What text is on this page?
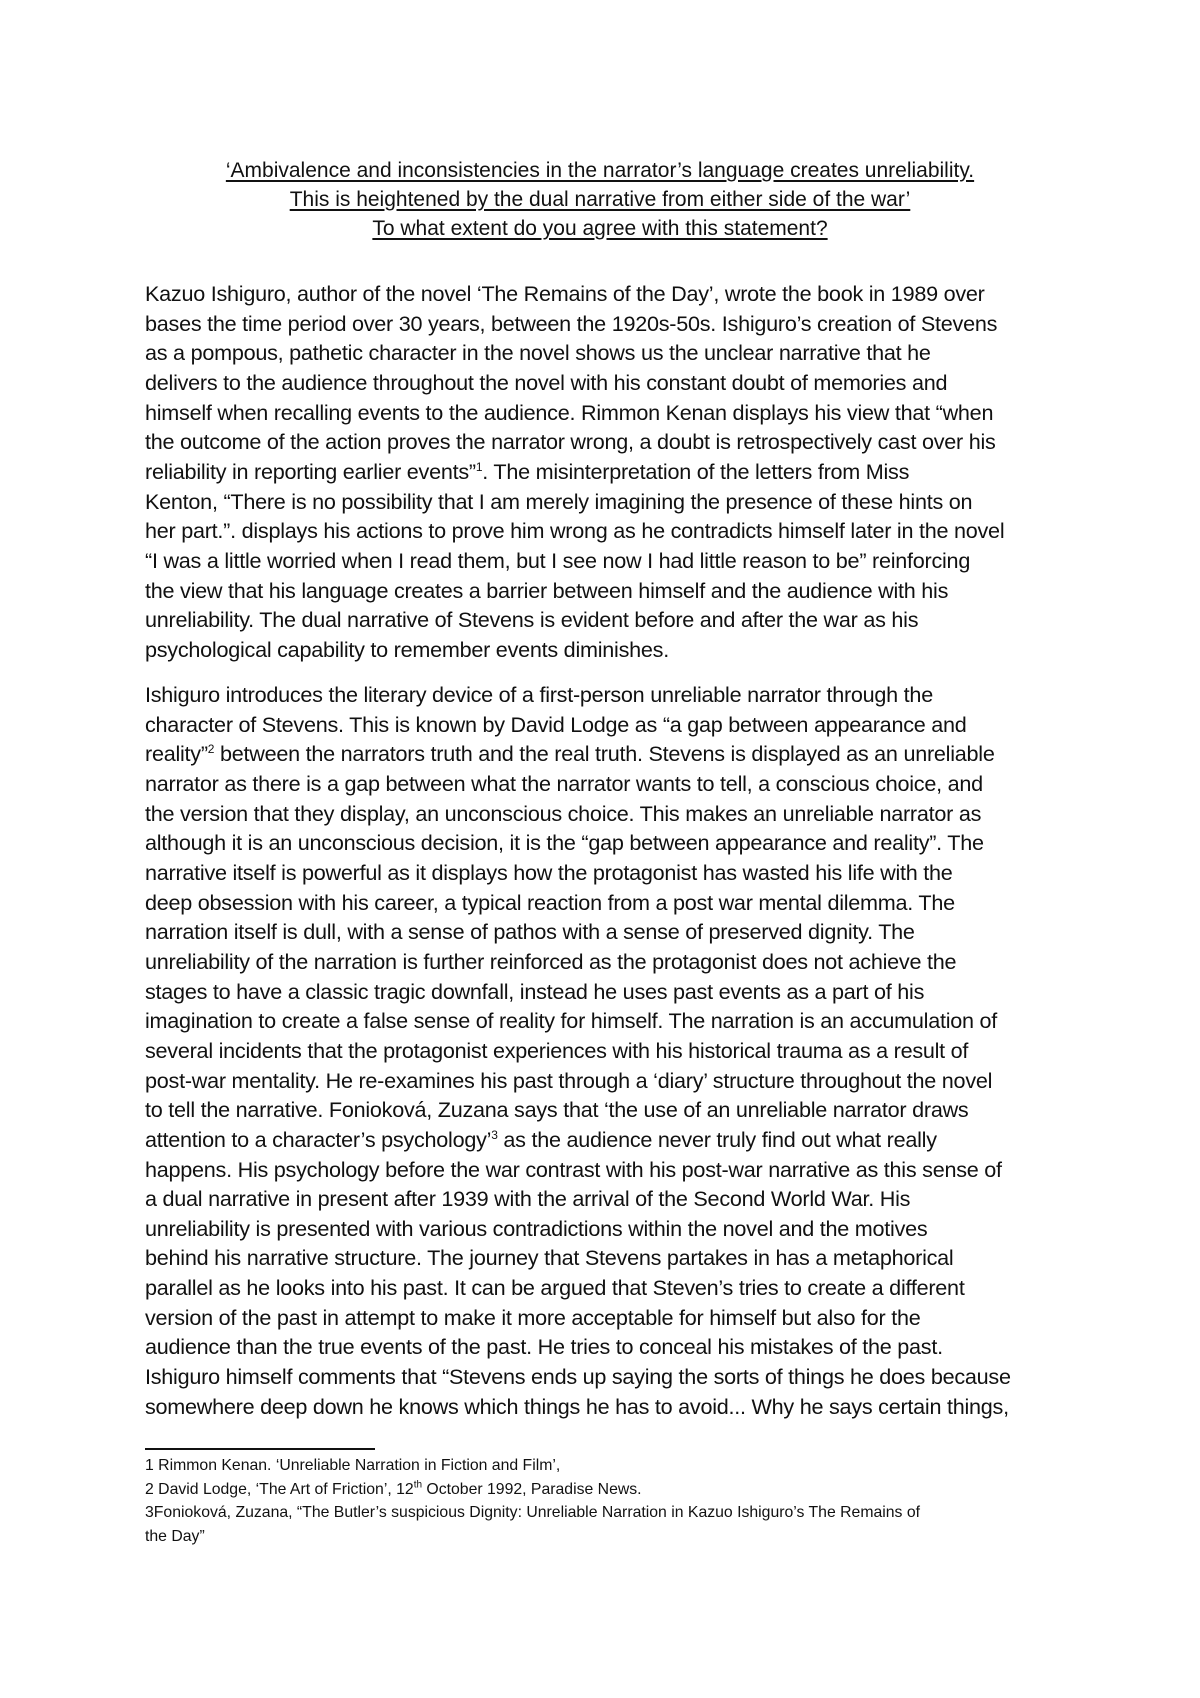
‘Ambivalence and inconsistencies in the narrator’s language creates unreliability.
This is heightened by the dual narrative from either side of the war’
To what extent do you agree with this statement?
Kazuo Ishiguro, author of the novel ‘The Remains of the Day’, wrote the book in 1989 over
bases the time period over 30 years, between the 1920s-50s. Ishiguro’s creation of Stevens
as a pompous, pathetic character in the novel shows us the unclear narrative that he
delivers to the audience throughout the novel with his constant doubt of memories and
himself when recalling events to the audience. Rimmon Kenan displays his view that “when
the outcome of the action proves the narrator wrong, a doubt is retrospectively cast over his
reliability in reporting earlier events”$^1$. The misinterpretation of the letters from Miss
Kenton, “There is no possibility that I am merely imagining the presence of these hints on
her part.”. displays his actions to prove him wrong as he contradicts himself later in the novel
“I was a little worried when I read them, but I see now I had little reason to be” reinforcing
the view that his language creates a barrier between himself and the audience with his
unreliability. The dual narrative of Stevens is evident before and after the war as his
psychological capability to remember events diminishes.
Ishiguro introduces the literary device of a first-person unreliable narrator through the
character of Stevens. This is known by David Lodge as “a gap between appearance and
reality”$^2$ between the narrators truth and the real truth. Stevens is displayed as an unreliable
narrator as there is a gap between what the narrator wants to tell, a conscious choice, and
the version that they display, an unconscious choice. This makes an unreliable narrator as
although it is an unconscious decision, it is the “gap between appearance and reality”. The
narrative itself is powerful as it displays how the protagonist has wasted his life with the
deep obsession with his career, a typical reaction from a post war mental dilemma. The
narration itself is dull, with a sense of pathos with a sense of preserved dignity. The
unreliability of the narration is further reinforced as the protagonist does not achieve the
stages to have a classic tragic downfall, instead he uses past events as a part of his
imagination to create a false sense of reality for himself. The narration is an accumulation of
several incidents that the protagonist experiences with his historical trauma as a result of
post-war mentality. He re-examines his past through a ‘diary’ structure throughout the novel
to tell the narrative. Fonioková, Zuzana says that ‘the use of an unreliable narrator draws
attention to a character’s psychology’$^3$ as the audience never truly find out what really
happens. His psychology before the war contrast with his post-war narrative as this sense of
a dual narrative in present after 1939 with the arrival of the Second World War. His
unreliability is presented with various contradictions within the novel and the motives
behind his narrative structure. The journey that Stevens partakes in has a metaphorical
parallel as he looks into his past. It can be argued that Steven’s tries to create a different
version of the past in attempt to make it more acceptable for himself but also for the
audience than the true events of the past. He tries to conceal his mistakes of the past.
Ishiguro himself comments that “Stevens ends up saying the sorts of things he does because
somewhere deep down he knows which things he has to avoid... Why he says certain things,
1 Rimmon Kenan. ‘Unreliable Narration in Fiction and Film’,
2 David Lodge, ‘The Art of Friction’, 12th October 1992, Paradise News.
3Fonioková, Zuzana, “The Butler’s suspicious Dignity: Unreliable Narration in Kazuo Ishiguro’s The Remains of
the Day”
